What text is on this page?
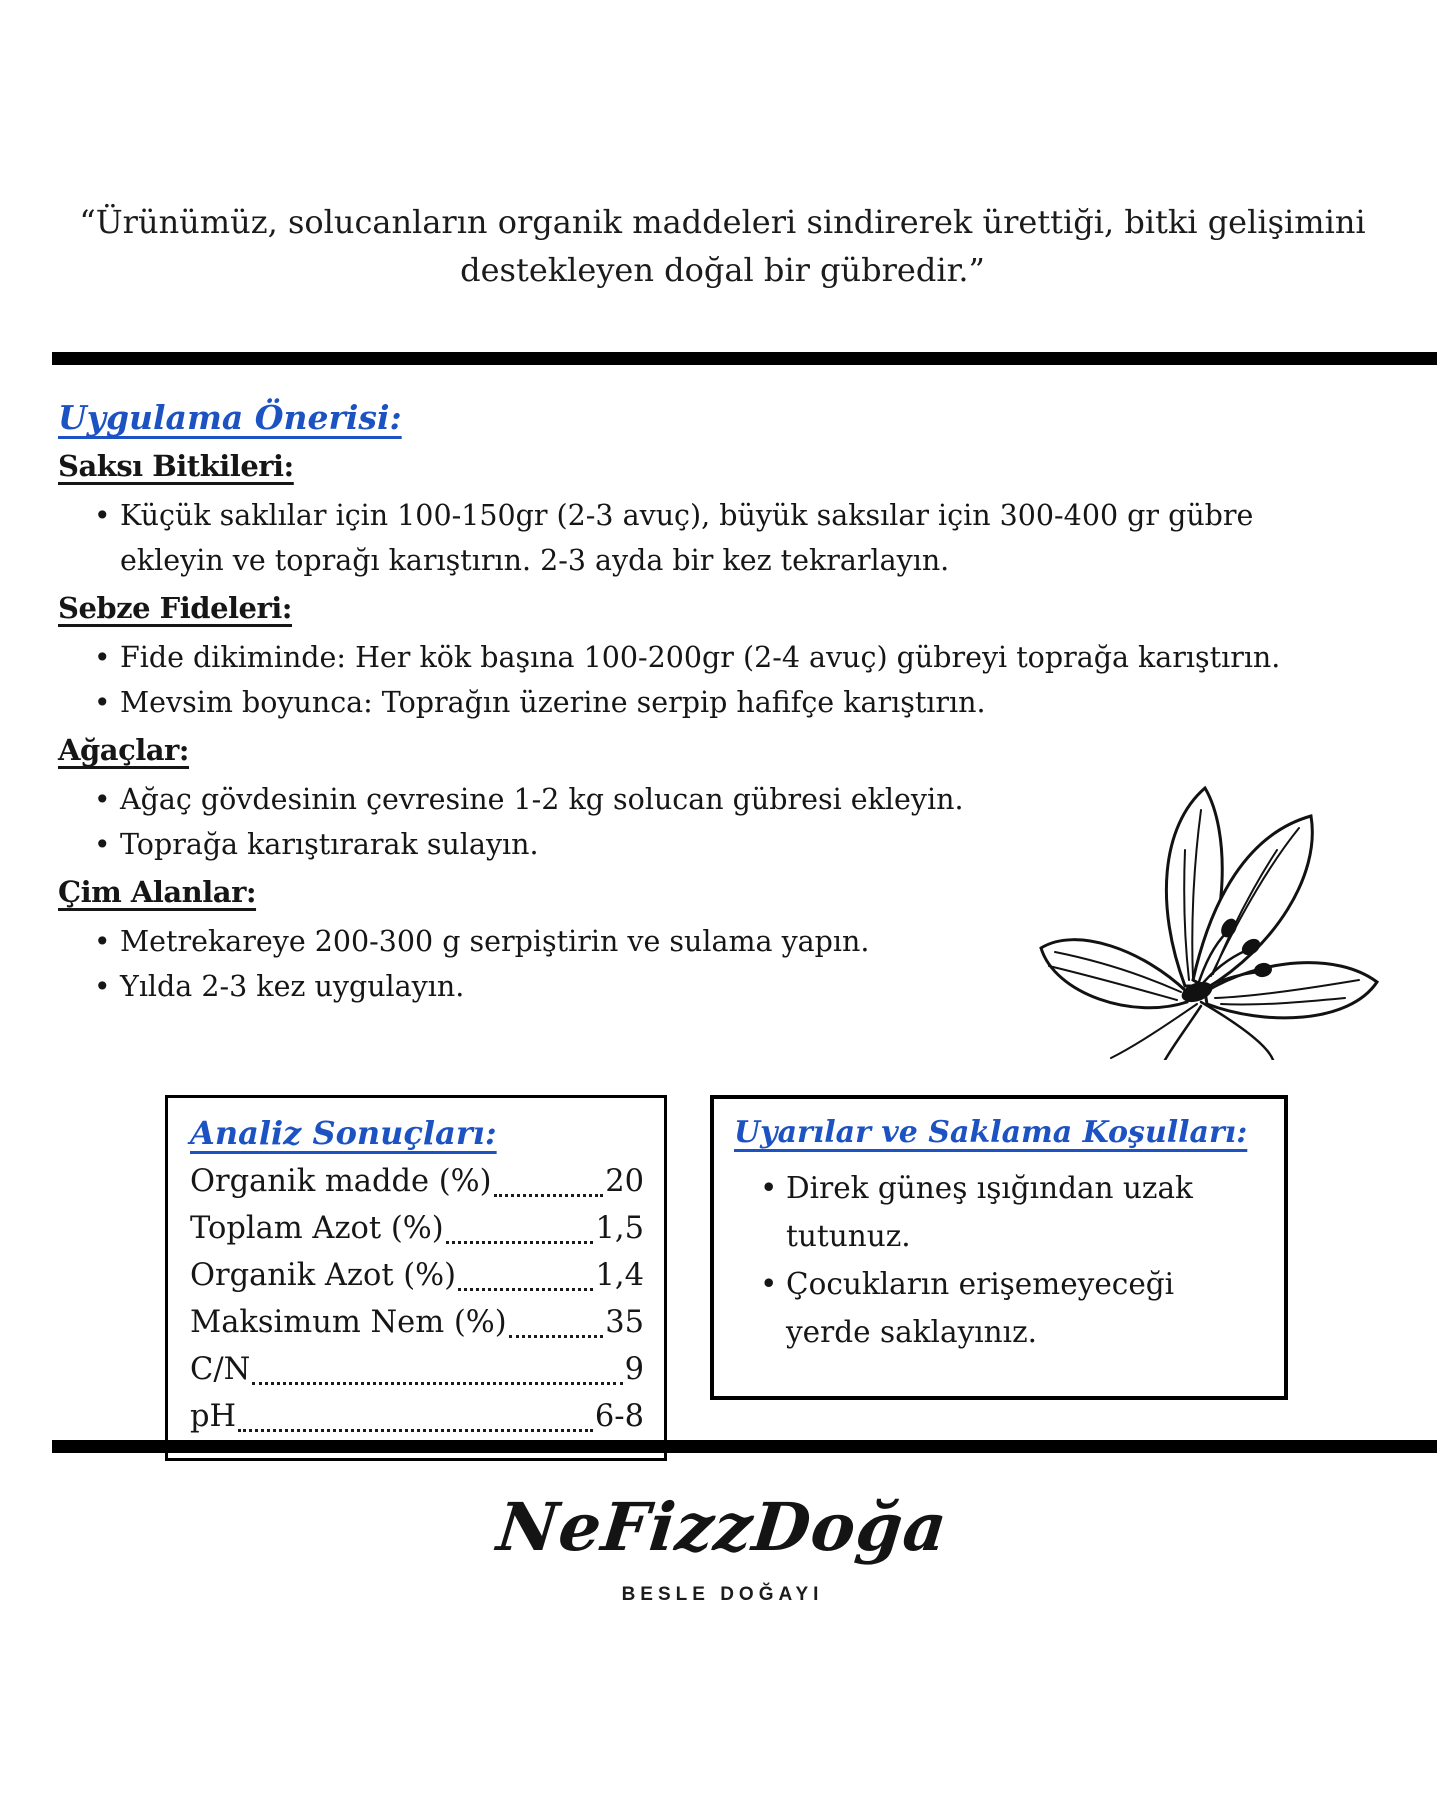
“Ürünümüz, solucanların organik maddeleri sindirerek ürettiği, bitki gelişimini destekleyen doğal bir gübredir.”

Uygulama Önerisi:
Saksı Bitkileri:
• Küçük saklılar için 100-150gr (2-3 avuç), büyük saksılar için 300-400 gr gübre ekleyin ve toprağı karıştırın. 2-3 ayda bir kez tekrarlayın.
Sebze Fideleri:
• Fide dikiminde: Her kök başına 100-200gr (2-4 avuç) gübreyi toprağa karıştırın.
• Mevsim boyunca: Toprağın üzerine serpip hafifçe karıştırın.
Ağaçlar:
• Ağaç gövdesinin çevresine 1-2 kg solucan gübresi ekleyin.
• Toprağa karıştırarak sulayın.
Çim Alanlar:
• Metrekareye 200-300 g serpiştirin ve sulama yapın.
• Yılda 2-3 kez uygulayın.
Analiz Sonuçları:
Organik madde (%)	20
Toplam Azot (%)	1,5
Organik Azot (%)	1,4
Maksimum Nem (%)	35
C/N	9
pH	6-8
Uyarılar ve Saklama Koşulları:
• Direk güneş ışığından uzak tutunuz.
• Çocukların erişemeyeceği yerde saklayınız.
NeFizzDoğa
BESLE DOĞAYI
